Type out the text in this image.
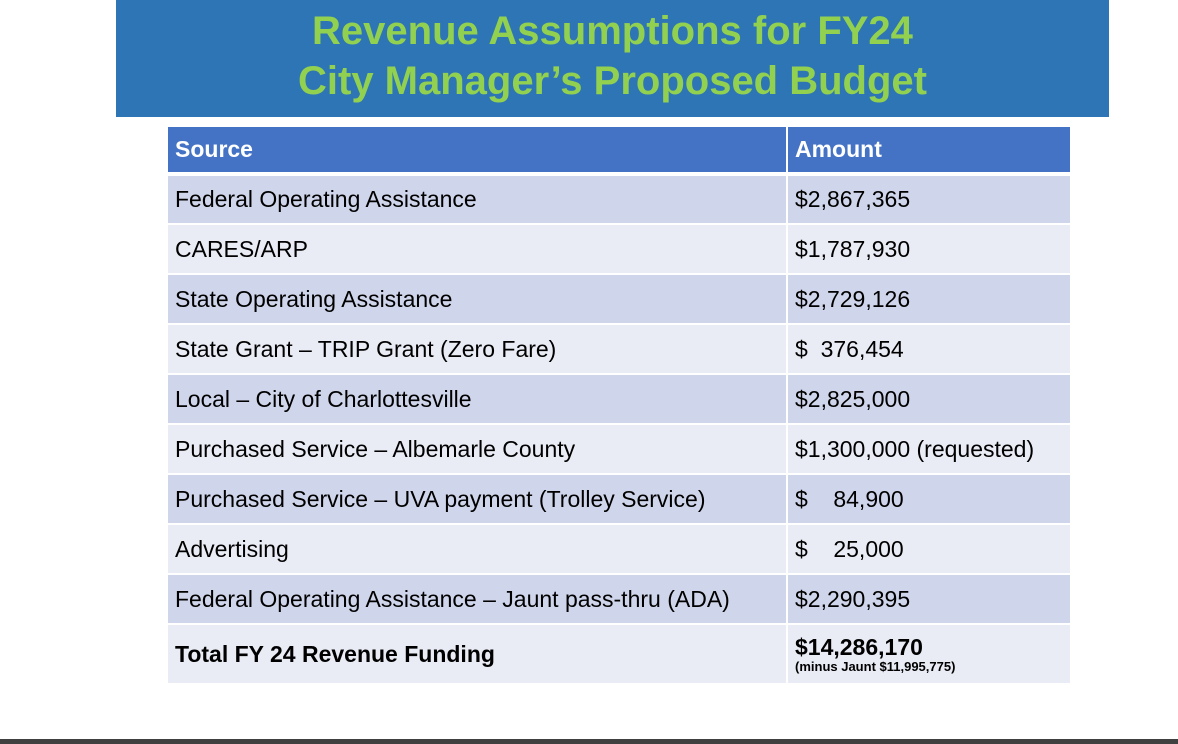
Revenue Assumptions for FY24
City Manager’s Proposed Budget
Source	Amount
Federal Operating Assistance	$2,867,365
CARES/ARP	$1,787,930
State Operating Assistance	$2,729,126
State Grant – TRIP Grant (Zero Fare)	$  376,454
Local – City of Charlottesville	$2,825,000
Purchased Service – Albemarle County	$1,300,000 (requested)
Purchased Service – UVA payment (Trolley Service)	$    84,900
Advertising	$    25,000
Federal Operating Assistance – Jaunt pass-thru (ADA)	$2,290,395
Total FY 24 Revenue Funding	$14,286,170
(minus Jaunt $11,995,775)
